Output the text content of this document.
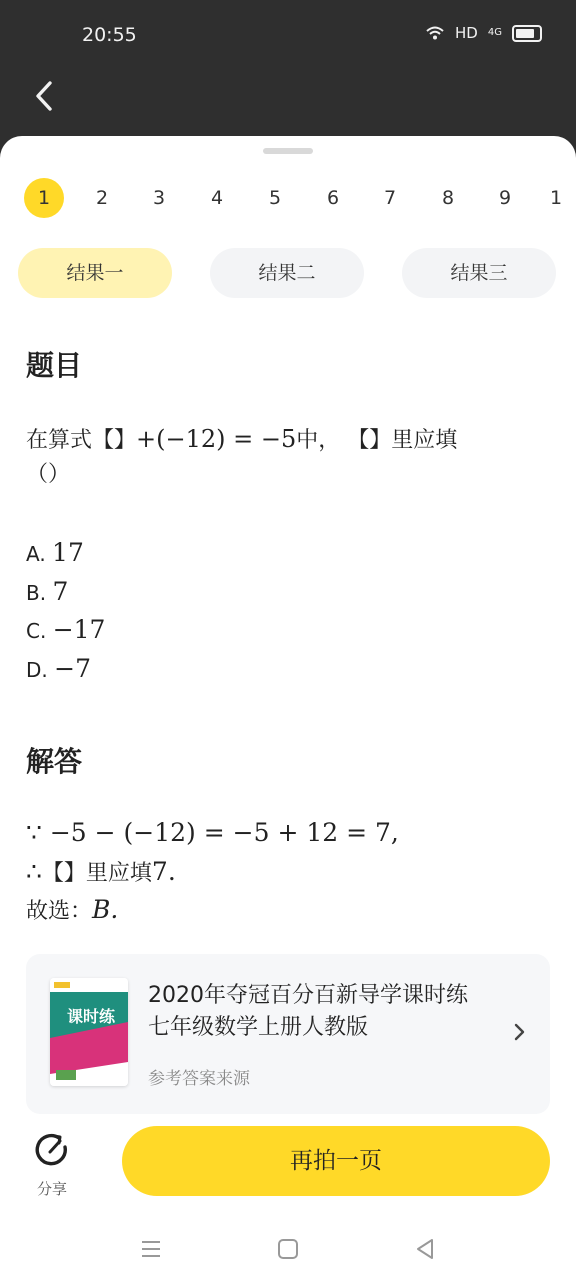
20:55	HD 4G
1	2	3	4	5	6	7	8	9	1
结果一	结果二	结果三
题目
在算式【】+(−12) = −5中， 【】里应填
（）
A. 17
B. 7
C. −17
D. −7
解答
∵ −5 − (−12) = −5 + 12 = 7,
∴【】里应填7.
故选：B.
课时练
2020年夺冠百分百新导学课时练七年级数学上册人教版
参考答案来源
分享
再拍一页
